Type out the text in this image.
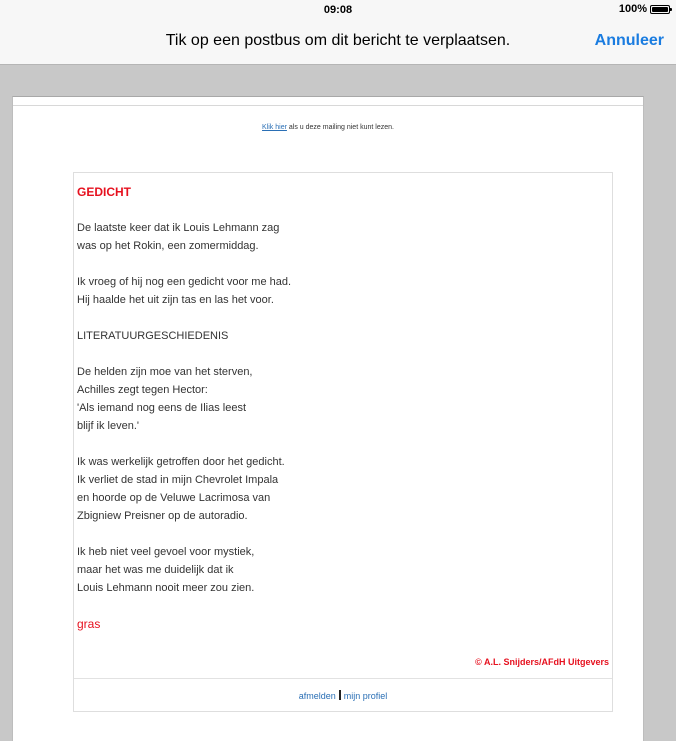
09:08	100%
Tik op een postbus om dit bericht te verplaatsen.	Annuleer
Klik hier als u deze mailing niet kunt lezen.
GEDICHT
De laatste keer dat ik Louis Lehmann zag
was op het Rokin, een zomermiddag.
Ik vroeg of hij nog een gedicht voor me had.
Hij haalde het uit zijn tas en las het voor.
LITERATUURGESCHIEDENIS
De helden zijn moe van het sterven,
Achilles zegt tegen Hector:
'Als iemand nog eens de Ilias leest
blijf ik leven.'
Ik was werkelijk getroffen door het gedicht.
Ik verliet de stad in mijn Chevrolet Impala
en hoorde op de Veluwe Lacrimosa van
Zbigniew Preisner op de autoradio.
Ik heb niet veel gevoel voor mystiek,
maar het was me duidelijk dat ik
Louis Lehmann nooit meer zou zien.
gras
© A.L. Snijders/AFdH Uitgevers
afmelden mijn profiel
